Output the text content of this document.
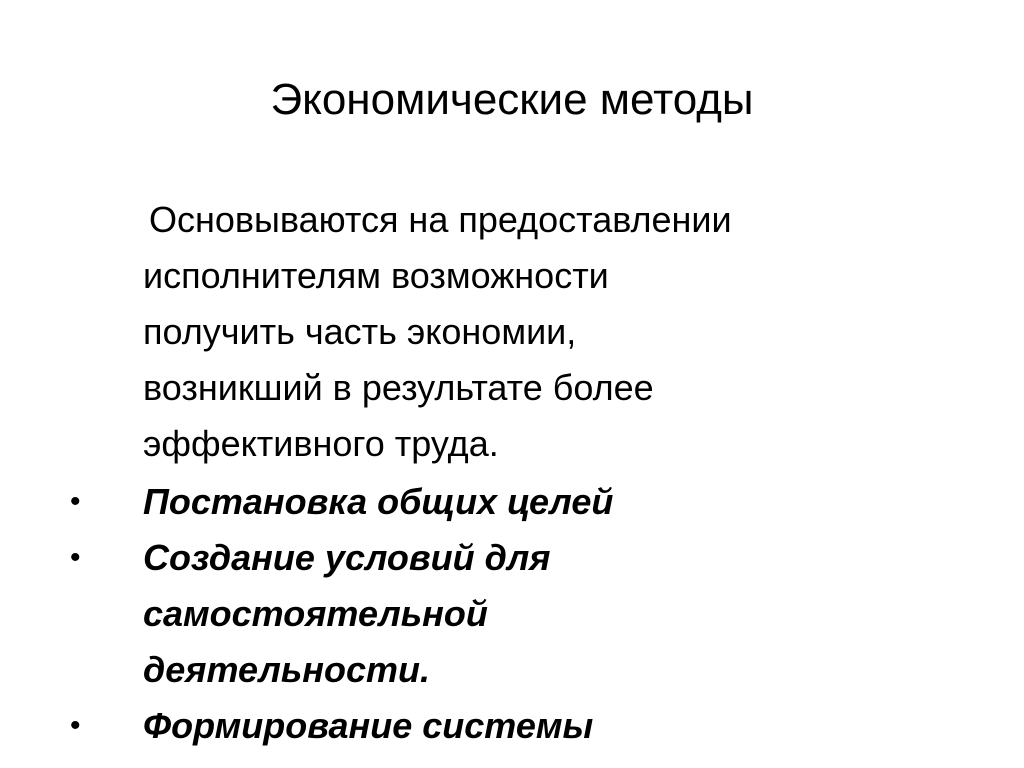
Экономические методы

Основываются на предоставлении
исполнителям возможности
получить часть экономии,
возникший в результате более
эффективного труда.

• Постановка общих целей
• Создание условий для
самостоятельной
деятельности.
• Формирование системы
